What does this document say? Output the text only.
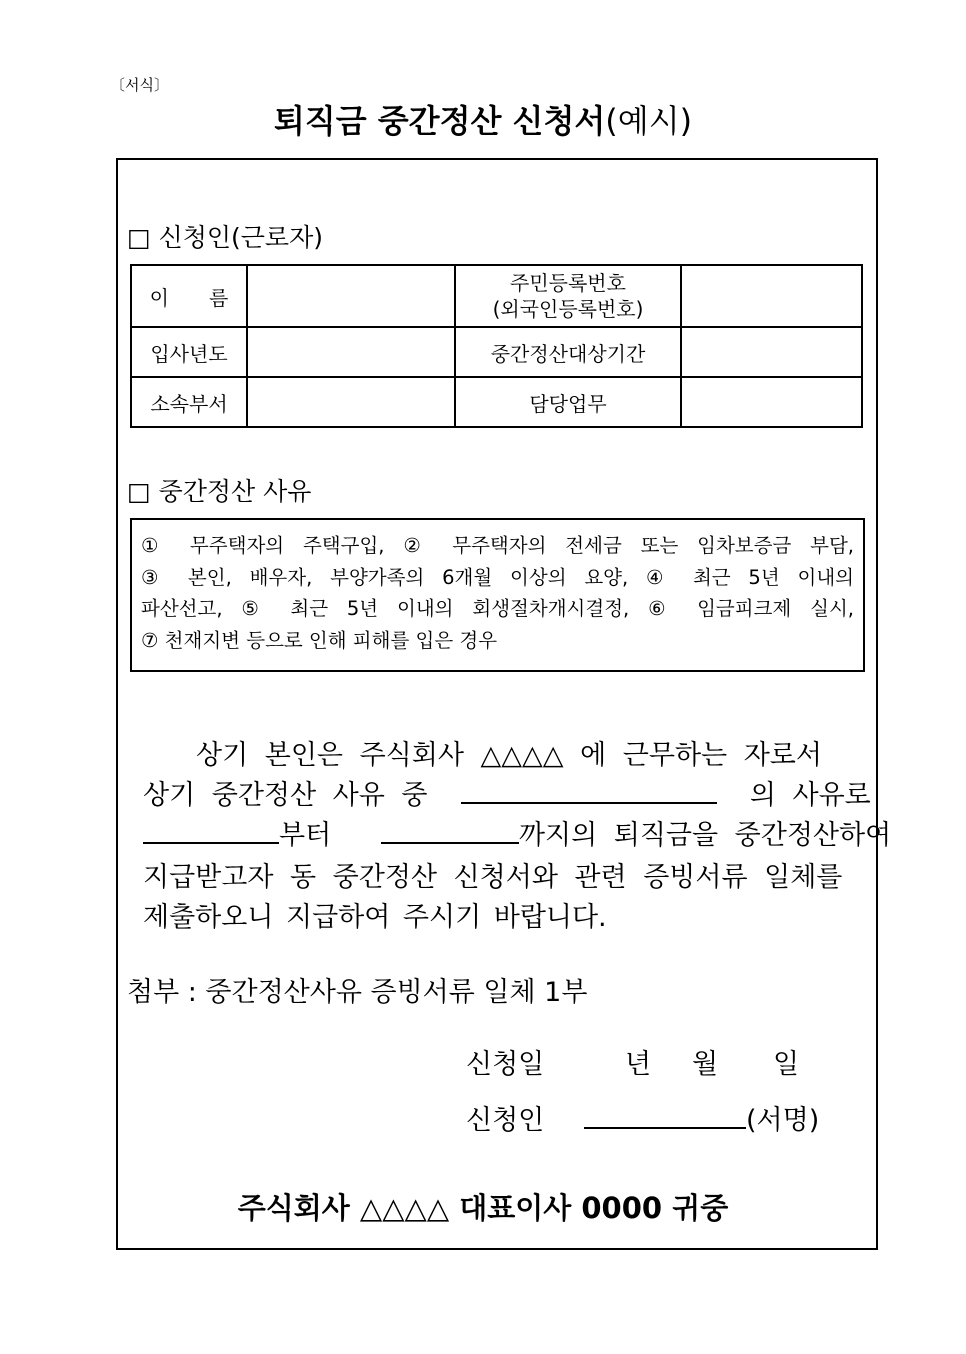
〔서식〕
퇴직금 중간정산 신청서(예시)
□ 신청인(근로자)
이　　름		주민등록번호
(외국인등록번호)	

입사년도		중간정산대상기간	
소속부서		담당업무	
□ 중간정산 사유
① 무주택자의 주택구입, ② 무주택자의 전세금 또는 임차보증금 부담,
③ 본인, 배우자, 부양가족의 6개월 이상의 요양, ④ 최근 5년 이내의
파산선고, ⑤ 최근 5년 이내의 회생절차개시결정, ⑥ 임금피크제 실시,
⑦ 천재지변 등으로 인해 피해를 입은 경우
상기 본인은 주식회사 △△△△ 에 근무하는 자로서
상기 중간정산 사유 중	의 사유로
부터	까지의 퇴직금을 중간정산하여
지급받고자 동 중간정산 신청서와 관련 증빙서류 일체를
제출하오니 지급하여 주시기 바랍니다.
첨부 : 중간정산사유 증빙서류 일체 1부
신청일	년 월 일
신청인	(서명)
주식회사 △△△△ 대표이사 0000 귀중
